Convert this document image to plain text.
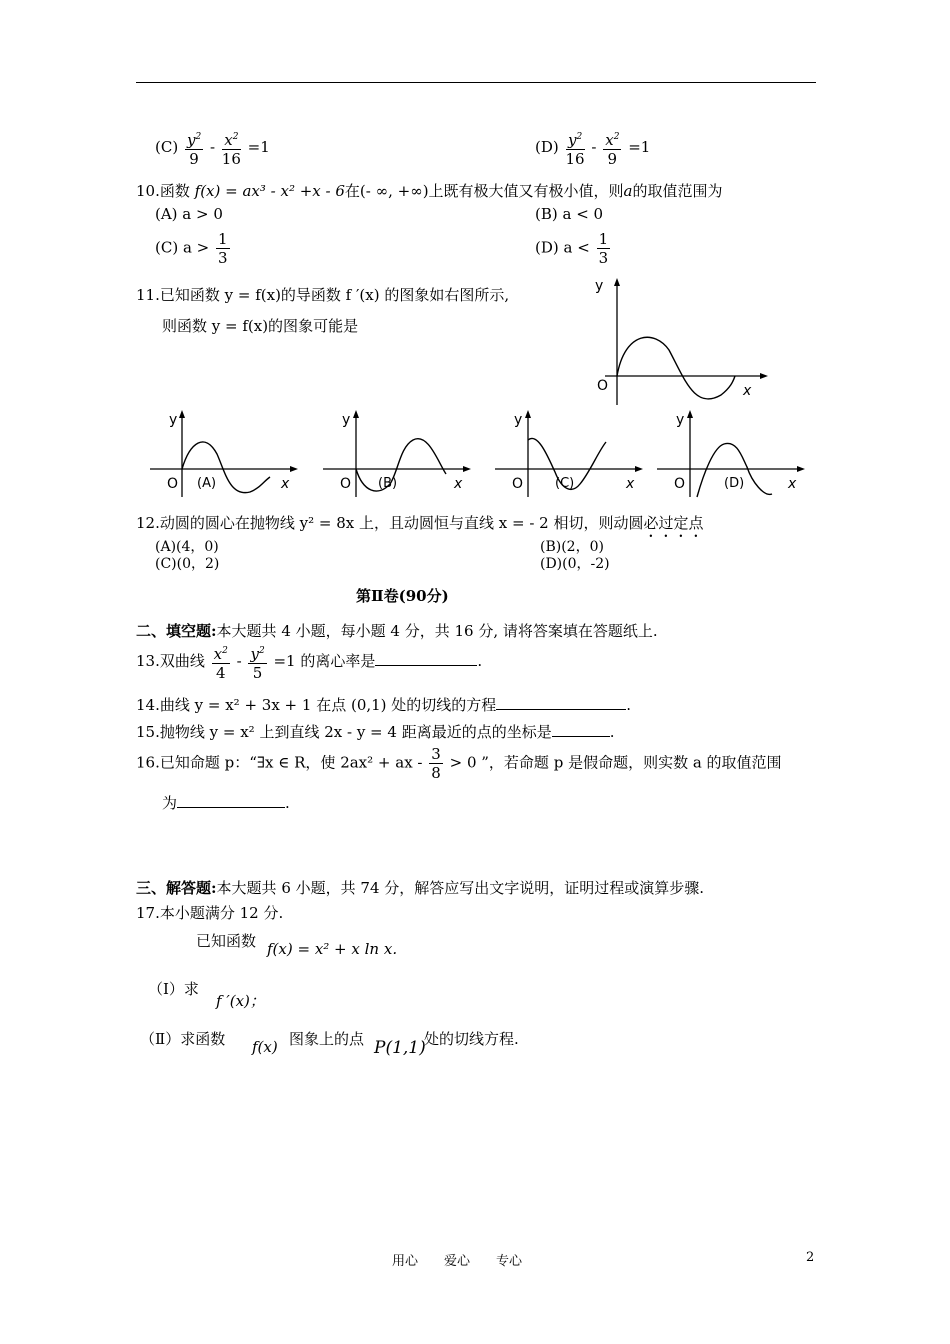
$(C) \frac{y^2}{9} - \frac{x^2}{16} =1$	$(D) \frac{y^2}{16} - \frac{x^2}{9} =1$
10.函数 f(x) = ax³ - x² +x - 6在(- ∞, +∞)上既有极大值又有极小值，则a的取值范围为
(A) a > 0	(B) a < 0
(C) $a > \frac{1}{3}$	(D) $a < \frac{1}{3}$
11.已知函数 y = f(x)的导函数 f ′(x) 的图象如右图所示,
则函数 y = f(x)的图象可能是
y
O	x
y
O	x
(A)
y
O	x
(B)
y
O	x
(C)
y
O	x
(D)
12.动圆的圆心在抛物线 y² = 8x 上，且动圆恒与直线 x = - 2 相切，则动圆必过定点
(A)(4，0)	(B)(2，0)
(C)(0，2)	(D)(0，-2)
第Ⅱ卷(90分)
二、填空题:本大题共 4 小题，每小题 4 分，共 16 分, 请将答案填在答题纸上.
13.双曲线 $\frac{x^2}{4} - \frac{y^2}{5} =1$ 的离心率是	.
14.曲线 y = x² + 3x + 1 在点 (0,1) 处的切线的方程	.
15.抛物线 y = x² 上到直线 2x - y = 4 距离最近的点的坐标是	.
16.已知命题 p：“∃x ∈ R，使 2ax² + ax - $\frac{3}{8} > 0$ ”，若命题 p 是假命题，则实数 a 的取值范围
为	.
三、解答题:本大题共 6 小题，共 74 分，解答应写出文字说明，证明过程或演算步骤.
17.本小题满分 12 分.
已知函数 f(x) = x² + x ln x.
（Ⅰ）求
f ′(x)；
（Ⅱ）求函数 f(x) 图象上的点 P(1,1)
处的切线方程.
用心　　爱心　　专心	2
